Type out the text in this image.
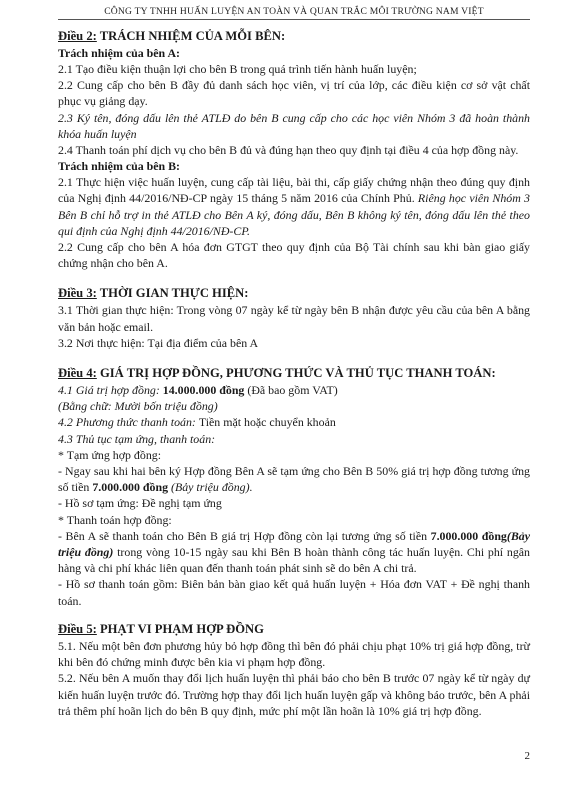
CÔNG TY TNHH HUẤN LUYỆN AN TOÀN VÀ QUAN TRẮC MÔI TRƯỜNG NAM VIỆT
Điều 2: TRÁCH NHIỆM CỦA MỖI BÊN:
Trách nhiệm của bên A:

2.1 Tạo điều kiện thuận lợi cho bên B trong quá trình tiến hành huấn luyện;

2.2 Cung cấp cho bên B đầy đủ danh sách học viên, vị trí của lớp, các điều kiện cơ sở vật chất phục vụ giảng dạy.

2.3 Ký tên, đóng dấu lên thẻ ATLĐ do bên B cung cấp cho các học viên Nhóm 3 đã hoàn thành khóa huấn luyện

2.4 Thanh toán phí dịch vụ cho bên B đủ và đúng hạn theo quy định tại điều 4 của hợp đồng này.

Trách nhiệm của bên B:

2.1 Thực hiện việc huấn luyện, cung cấp tài liệu, bài thi, cấp giấy chứng nhận theo đúng quy định của Nghị định 44/2016/NĐ-CP ngày 15 tháng 5 năm 2016 của Chính Phủ. Riêng học viên Nhóm 3 Bên B chỉ hỗ trợ in thẻ ATLĐ cho Bên A ký, đóng dấu, Bên B không ký tên, đóng dấu lên thẻ theo qui định của Nghị định 44/2016/NĐ-CP.

2.2 Cung cấp cho bên A hóa đơn GTGT theo quy định của Bộ Tài chính sau khi bàn giao giấy chứng nhận cho bên A.

Điều 3: THỜI GIAN THỰC HIỆN:

3.1 Thời gian thực hiện: Trong vòng 07 ngày kể từ ngày bên B nhận được yêu cầu của bên A bằng văn bản hoặc email.

3.2 Nơi thực hiện: Tại địa điểm của bên A

Điều 4: GIÁ TRỊ HỢP ĐỒNG, PHƯƠNG THỨC VÀ THỦ TỤC THANH TOÁN:

4.1 Giá trị hợp đồng: 14.000.000 đồng (Đã bao gồm VAT)

(Bằng chữ: Mười bốn triệu đồng)

4.2 Phương thức thanh toán: Tiền mặt hoặc chuyển khoản

4.3 Thủ tục tạm ứng, thanh toán:

* Tạm ứng hợp đồng:

- Ngay sau khi hai bên ký Hợp đồng Bên A sẽ tạm ứng cho Bên B 50% giá trị hợp đồng tương ứng số tiền 7.000.000 đồng (Bảy triệu đồng).

- Hồ sơ tạm ứng: Đề nghị tạm ứng

* Thanh toán hợp đồng:

- Bên A sẽ thanh toán cho Bên B giá trị Hợp đồng còn lại tương ứng số tiền 7.000.000 đồng(Bảy triệu đồng) trong vòng 10-15 ngày sau khi Bên B hoàn thành công tác huấn luyện. Chi phí ngân hàng và chi phí khác liên quan đến thanh toán phát sinh sẽ do bên A chi trả.

- Hồ sơ thanh toán gồm: Biên bản bàn giao kết quả huấn luyện + Hóa đơn VAT + Đề nghị thanh toán.

Điều 5: PHẠT VI PHẠM HỢP ĐỒNG

5.1. Nếu một bên đơn phương hủy bỏ hợp đồng thì bên đó phải chịu phạt 10% trị giá hợp đồng, trừ khi bên đó chứng minh được bên kia vi phạm hợp đồng.

5.2. Nếu bên A muốn thay đổi lịch huấn luyện thì phải báo cho bên B trước 07 ngày kể từ ngày dự kiến huấn luyện trước đó. Trường hợp thay đổi lịch huấn luyện gấp và không báo trước, bên A phải trả thêm phí hoãn lịch do bên B quy định, mức phí một lần hoãn là 10% giá trị hợp đồng.

2
